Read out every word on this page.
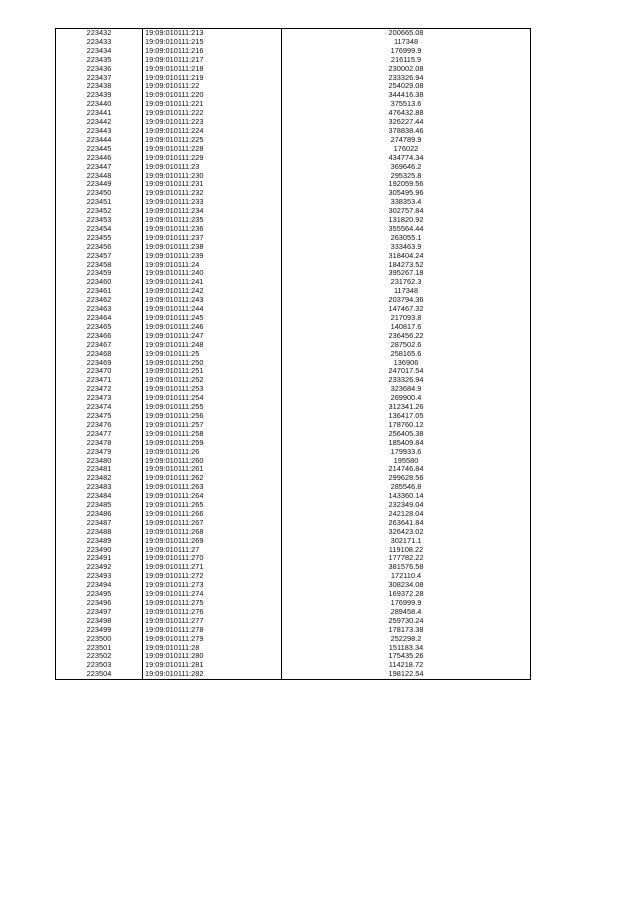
223432	19:09:010111:213	200665.08
223433	19:09:010111:215	117348
223434	19:09:010111:216	176999.9
223435	19:09:010111:217	216115.9
223436	19:09:010111:218	230002.08
223437	19:09:010111:219	233326.94
223438	19:09:010111:22	254029.08
223439	19:09:010111:220	344416.38
223440	19:09:010111:221	375513.6
223441	19:09:010111:222	476432.88
223442	19:09:010111:223	326227.44
223443	19:09:010111:224	378838.46
223444	19:09:010111:225	274789.9
223445	19:09:010111:228	176022
223446	19:09:010111:229	434774.34
223447	19:09:010111:23	369646.2
223448	19:09:010111:230	295325.8
223449	19:09:010111:231	192059.56
223450	19:09:010111:232	305495.96
223451	19:09:010111:233	338353.4
223452	19:09:010111:234	302757.84
223453	19:09:010111:235	131820.92
223454	19:09:010111:236	355564.44
223455	19:09:010111:237	263055.1
223456	19:09:010111:238	333463.9
223457	19:09:010111:239	318404.24
223458	19:09:010111:24	184273.52
223459	19:09:010111:240	395267.18
223460	19:09:010111:241	231762.3
223461	19:09:010111:242	117348
223462	19:09:010111:243	203794.36
223463	19:09:010111:244	147467.32
223464	19:09:010111:245	217093.8
223465	19:09:010111:246	140817.6
223466	19:09:010111:247	236456.22
223467	19:09:010111:248	287502.6
223468	19:09:010111:25	258165.6
223469	19:09:010111:250	136906
223470	19:09:010111:251	247017.54
223471	19:09:010111:252	233326.94
223472	19:09:010111:253	323684.9
223473	19:09:010111:254	269900.4
223474	19:09:010111:255	312341.26
223475	19:09:010111:256	136417.05
223476	19:09:010111:257	178760.12
223477	19:09:010111:258	256405.38
223478	19:09:010111:259	185409.84
223479	19:09:010111:26	179933.6
223480	19:09:010111:260	195580
223481	19:09:010111:261	214746.84
223482	19:09:010111:262	299628.56
223483	19:09:010111:263	285546.8
223484	19:09:010111:264	143360.14
223485	19:09:010111:265	232349.04
223486	19:09:010111:266	242128.04
223487	19:09:010111:267	263641.84
223488	19:09:010111:268	326423.02
223489	19:09:010111:269	302171.1
223490	19:09:010111:27	119108.22
223491	19:09:010111:270	177782.22
223492	19:09:010111:271	381576.58
223493	19:09:010111:272	172110.4
223494	19:09:010111:273	308234.08
223495	19:09:010111:274	169372.28
223496	19:09:010111:275	176999.9
223497	19:09:010111:276	289458.4
223498	19:09:010111:277	259730.24
223499	19:09:010111:278	178173.38
223500	19:09:010111:279	252298.2
223501	19:09:010111:28	151183.34
223502	19:09:010111:280	175435.26
223503	19:09:010111:281	114218.72
223504	19:09:010111:282	198122.54
